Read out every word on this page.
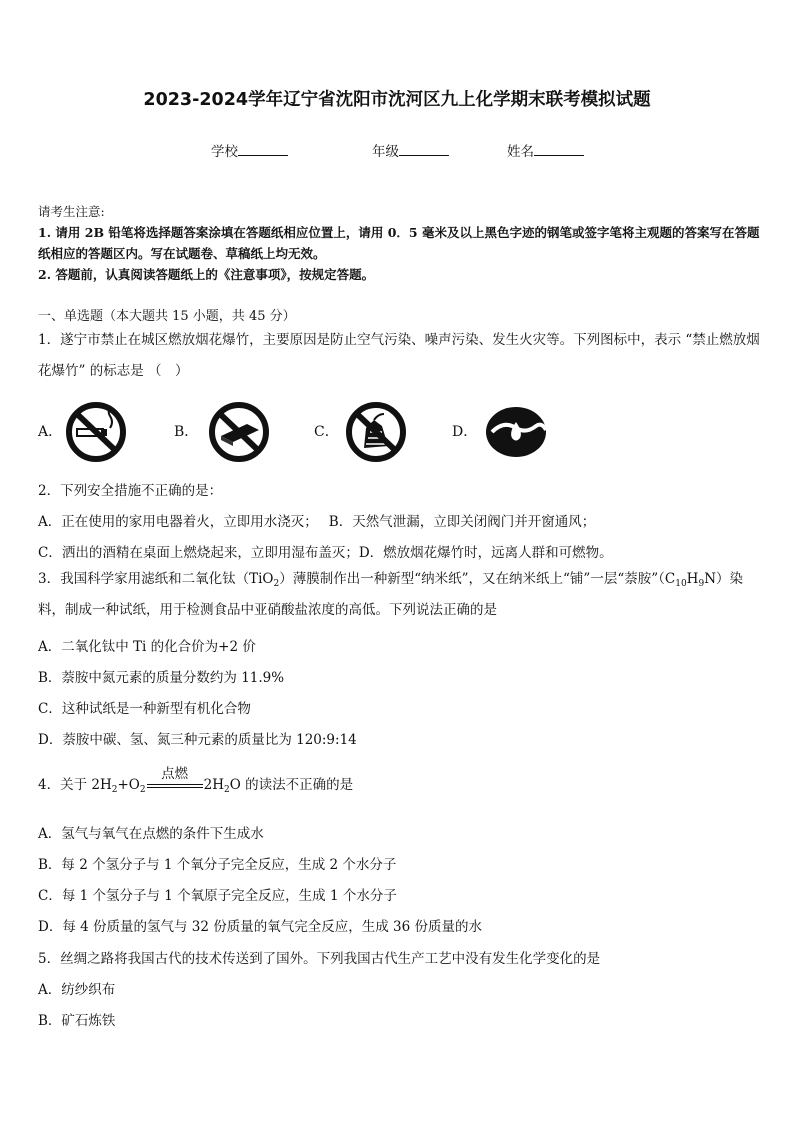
2023-2024学年辽宁省沈阳市沈河区九上化学期末联考模拟试题
学校	年级	姓名
请考生注意:
1. 请用 2B 铅笔将选择题答案涂填在答题纸相应位置上，请用 0．5 毫米及以上黑色字迹的钢笔或签字笔将主观题的答案写在答题纸相应的答题区内。写在试题卷、草稿纸上均无效。
2. 答题前，认真阅读答题纸上的《注意事项》，按规定答题。
一、单选题（本大题共 15 小题，共 45 分）
1．遂宁市禁止在城区燃放烟花爆竹，主要原因是防止空气污染、噪声污染、发生火灾等。下列图标中，表示 “禁止燃放烟花爆竹” 的标志是 （　）
A．	B．	C．	D．
2．下列安全措施不正确的是：
A．正在使用的家用电器着火，立即用水浇灭；　 B．天然气泄漏，立即关闭阀门并开窗通风；
C．洒出的酒精在桌面上燃烧起来，立即用湿布盖灭；D．燃放烟花爆竹时，远离人群和可燃物。
3．我国科学家用滤纸和二氧化钛（TiO$_2$）薄膜制作出一种新型“纳米纸”，又在纳米纸上“铺”一层“萘胺$”(C_{10}H_9N)$染料，制成一种试纸，用于检测食品中亚硝酸盐浓度的高低。下列说法正确的是
A．二氧化钛中 Ti 的化合价为+2 价
B．萘胺中氮元素的质量分数约为 11.9%
C．这种试纸是一种新型有机化合物
D．萘胺中碳、氢、氮三种元素的质量比为 120:9:14
4．关于 $2H_2+O_2$
点燃
$2H_2O$ 的读法不正确的是
A．氢气与氧气在点燃的条件下生成水
B．每 2 个氢分子与 1 个氧分子完全反应，生成 2 个水分子
C．每 1 个氢分子与 1 个氧原子完全反应，生成 1 个水分子
D．每 4 份质量的氢气与 32 份质量的氧气完全反应，生成 36 份质量的水
5．丝绸之路将我国古代的技术传送到了国外。下列我国古代生产工艺中没有发生化学变化的是
A．纺纱织布
B．矿石炼铁
